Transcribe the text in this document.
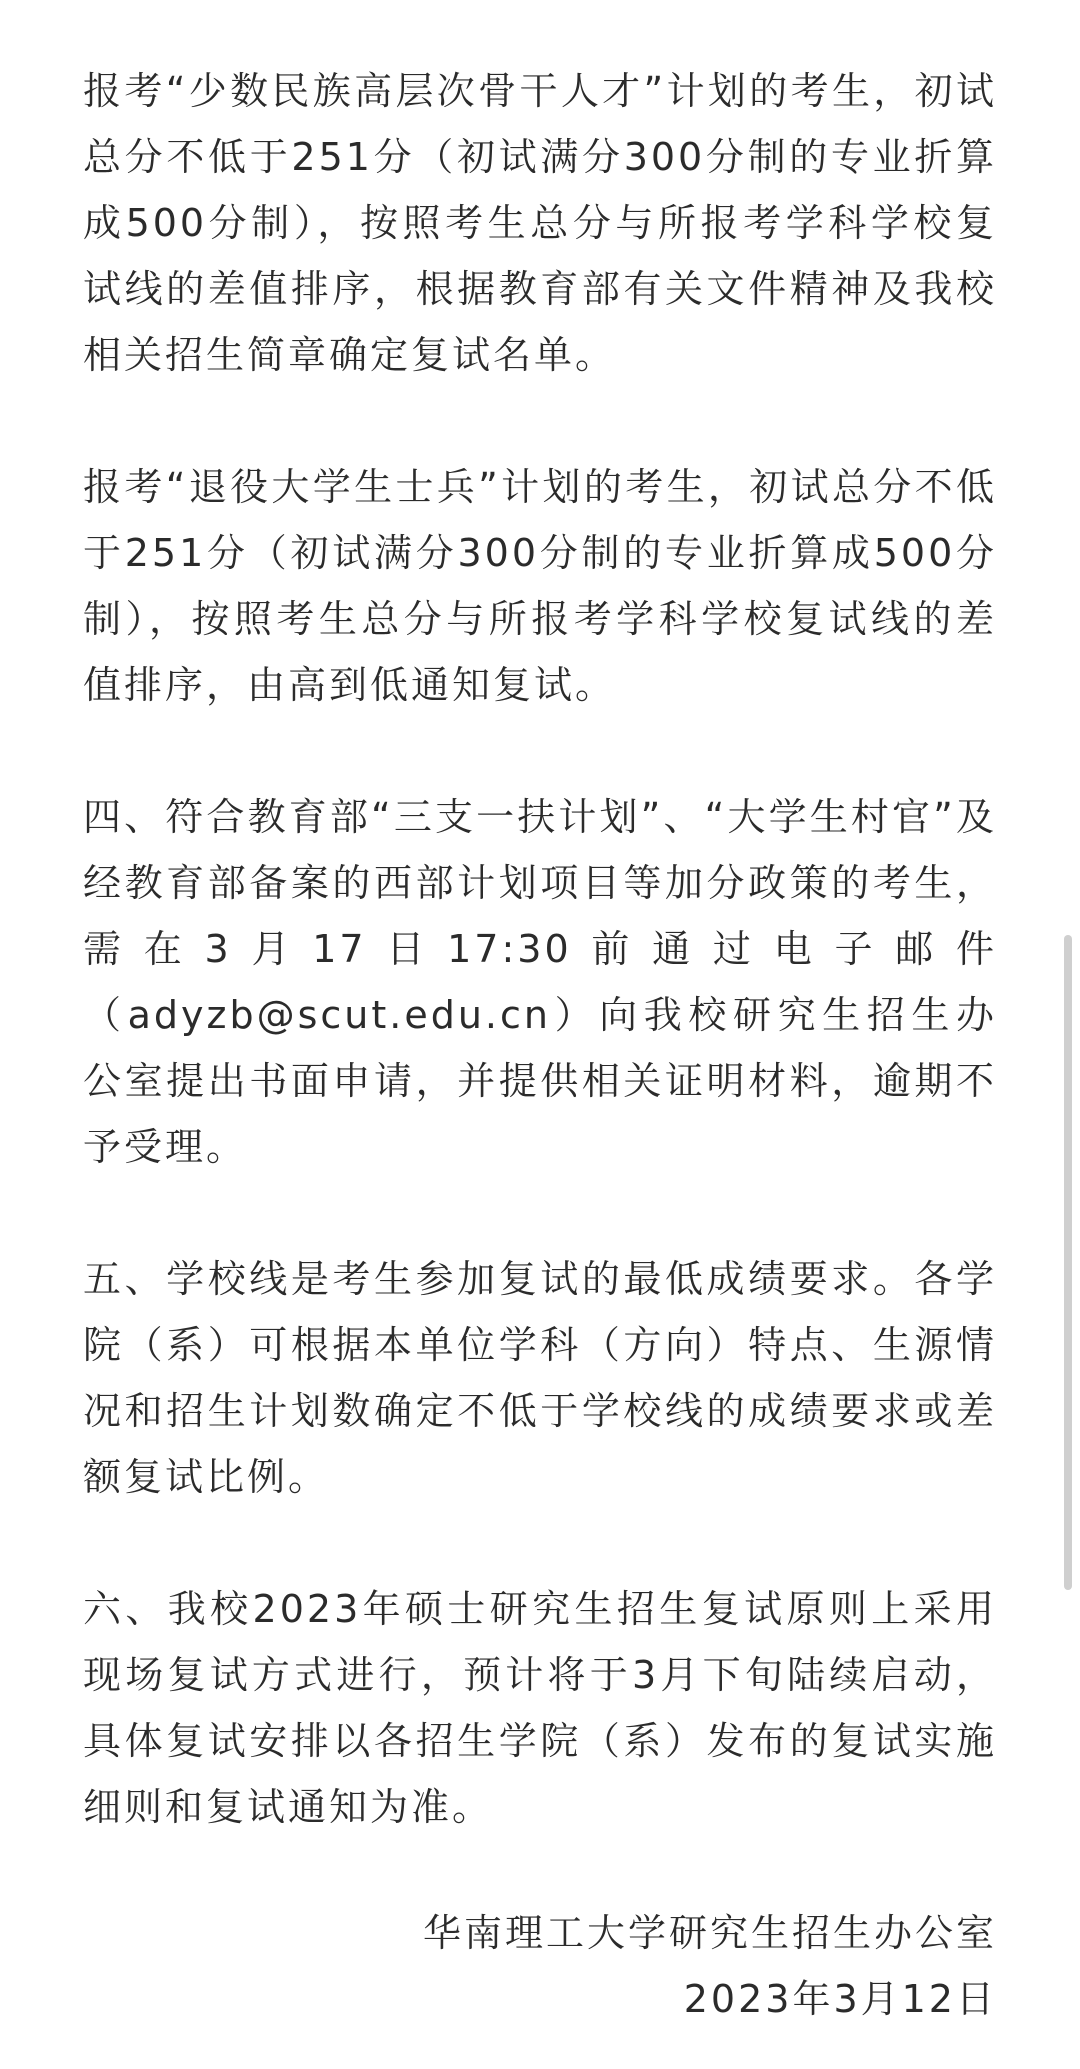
报考“少数民族高层次骨干人才”计划的考生，初试总分不低于251分（初试满分300分制的专业折算成500分制），按照考生总分与所报考学科学校复试线的差值排序，根据教育部有关文件精神及我校相关招生简章确定复试名单。

报考“退役大学生士兵”计划的考生，初试总分不低于251分（初试满分300分制的专业折算成500分制），按照考生总分与所报考学科学校复试线的差值排序，由高到低通知复试。

四、符合教育部“三支一扶计划”、“大学生村官”及经教育部备案的西部计划项目等加分政策的考生，需在3月17日17:30前通过电子邮件（adyzb@scut.edu.cn）向我校研究生招生办公室提出书面申请，并提供相关证明材料，逾期不予受理。

五、学校线是考生参加复试的最低成绩要求。各学院（系）可根据本单位学科（方向）特点、生源情况和招生计划数确定不低于学校线的成绩要求或差额复试比例。

六、我校2023年硕士研究生招生复试原则上采用现场复试方式进行，预计将于3月下旬陆续启动，具体复试安排以各招生学院（系）发布的复试实施细则和复试通知为准。

华南理工大学研究生招生办公室
2023年3月12日
